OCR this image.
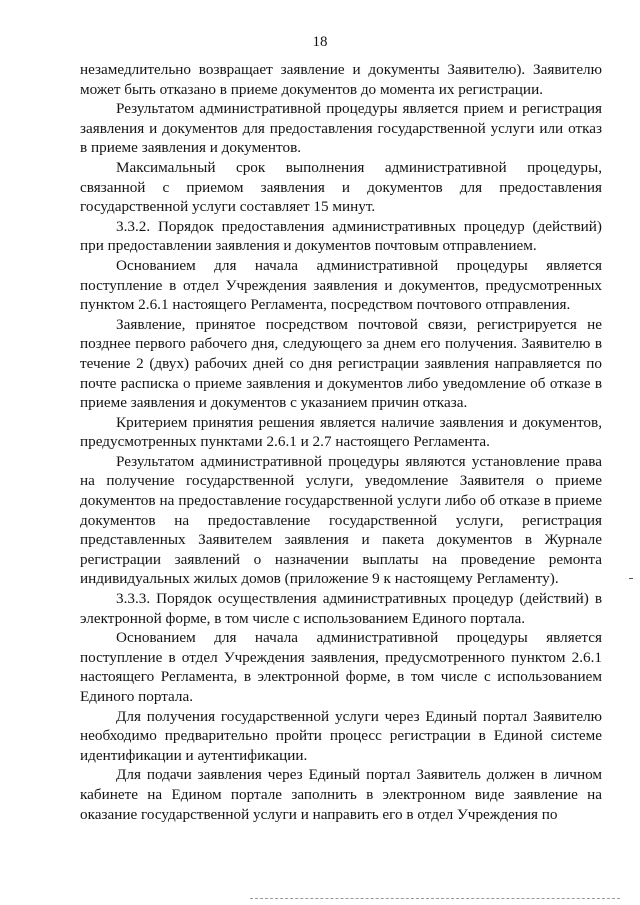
18

незамедлительно возвращает заявление и документы Заявителю). Заявителю может быть отказано в приеме документов до момента их регистрации.

Результатом административной процедуры является прием и регистрация заявления и документов для предоставления государственной услуги или отказ в приеме заявления и документов.

Максимальный срок выполнения административной процедуры, связанной с приемом заявления и документов для предоставления государственной услуги составляет 15 минут.

3.3.2. Порядок предоставления административных процедур (действий) при предоставлении заявления и документов почтовым отправлением.

Основанием для начала административной процедуры является поступление в отдел Учреждения заявления и документов, предусмотренных пунктом 2.6.1 настоящего Регламента, посредством почтового отправления.

Заявление, принятое посредством почтовой связи, регистрируется не позднее первого рабочего дня, следующего за днем его получения. Заявителю в течение 2 (двух) рабочих дней со дня регистрации заявления направляется по почте расписка о приеме заявления и документов либо уведомление об отказе в приеме заявления и документов с указанием причин отказа.

Критерием принятия решения является наличие заявления и документов, предусмотренных пунктами 2.6.1 и 2.7 настоящего Регламента.

Результатом административной процедуры являются установление права на получение государственной услуги, уведомление Заявителя о приеме документов на предоставление государственной услуги либо об отказе в приеме документов на предоставление государственной услуги, регистрация представленных Заявителем заявления и пакета документов в Журнале регистрации заявлений о назначении выплаты на проведение ремонта индивидуальных жилых домов (приложение 9 к настоящему Регламенту).

3.3.3. Порядок осуществления административных процедур (действий) в электронной форме, в том числе с использованием Единого портала.

Основанием для начала административной процедуры является поступление в отдел Учреждения заявления, предусмотренного пунктом 2.6.1 настоящего Регламента, в электронной форме, в том числе с использованием Единого портала.

Для получения государственной услуги через Единый портал Заявителю необходимо предварительно пройти процесс регистрации в Единой системе идентификации и аутентификации.

Для подачи заявления через Единый портал Заявитель должен в личном кабинете на Едином портале заполнить в электронном виде заявление на оказание государственной услуги и направить его в отдел Учреждения по
